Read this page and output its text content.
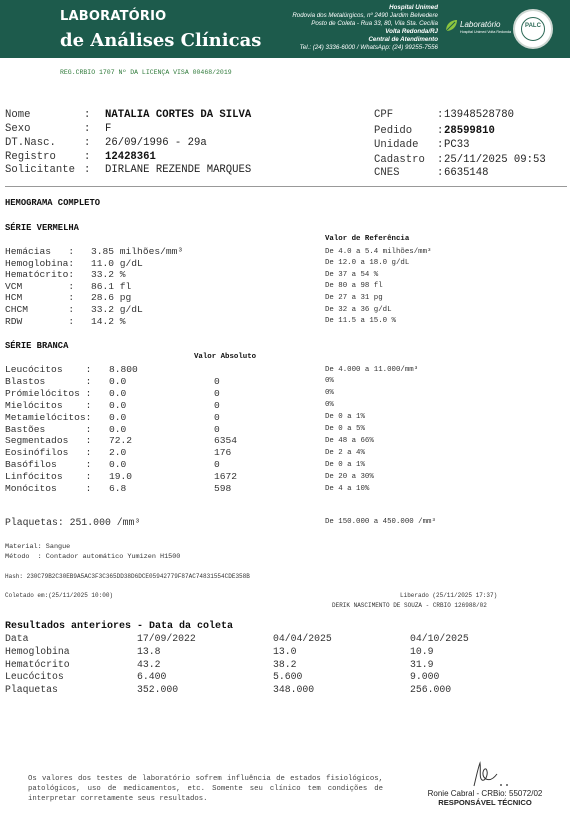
LABORATÓRIO
de Análises Clínicas
Hospital Unimed
Rodovia dos Metalúrgicos, nº 2490 Jardim Belvedere
Posto de Coleta - Rua 33, 80, Vila Sta. Cecília
Volta Redonda/RJ
Central de Atendimento
Tel.: (24) 3336-6000 / WhatsApp: (24) 99255-7556
Laboratório
Hospital Unimed Volta Redonda
PALC
REG.CRBIO 1707 Nº DA LICENÇA VISA 00468/2019
Nome	: NATALIA CORTES DA SILVA
Sexo	: F
DT.Nasc.	: 26/09/1996 - 29a
Registro	: 12428361
Solicitante : DIRLANE REZENDE MARQUES
CPF	: 13948528780
Pedido : 28599810
Unidade : PC33
Cadastro : 25/11/2025 09:53
CNES	: 6635148
HEMOGRAMA COMPLETO
SÉRIE VERMELHA
Valor de Referência
Hemácias   : 3.85 milhões/mm³	De 4.0 a 5.4 milhões/mm³
Hemoglobina: 11.0 g/dL	De 12.0 a 18.0 g/dL
Hematócrito: 33.2 %	De 37 a 54 %
VCM        : 86.1 fl	De 80 a 98 fl
HCM        : 28.6 pg	De 27 a 31 pg
CHCM       : 33.2 g/dL	De 32 a 36 g/dL
RDW        : 14.2 %	De 11.5 a 15.0 %
SÉRIE BRANCA
Valor Absoluto
Leucócitos    : 8.800	De 4.000 a 11.000/mm³
Blastos       : 0.0	0	0%
Prómielócitos : 0.0	0	0%
Mielócitos    : 0.0	0	0%
Metamielócitos: 0.0	0	De 0 a 1%
Bastões       : 0.0	0	De 0 a 5%
Segmentados   : 72.2	6354	De 48 a 66%
Eosinófilos   : 2.0	176	De 2 a 4%
Basófilos     : 0.0	0	De 0 a 1%
Linfócitos    : 19.0	1672	De 20 a 30%
Monócitos     : 6.8	598	De 4 a 10%
Plaquetas: 251.000 /mm³	De 150.000 a 450.000 /mm³
Material: Sangue
Método  : Contador automático Yumizen H1500
Hash: 230C79B2C30EB9A5AC3F3C365DD38D6DCE05942779F87AC74831554CDE358B
Coletado em:(25/11/2025 10:00)	Liberado (25/11/2025 17:37)
DERIK NASCIMENTO DE SOUZA - CRBIO 126988/02
Resultados anteriores - Data da coleta
Data	17/09/2022	04/04/2025	04/10/2025
Hemoglobina	13.8	13.0	10.9
Hematócrito	43.2	38.2	31.9
Leucócitos	6.400	5.600	9.000
Plaquetas	352.000	348.000	256.000
Os valores dos testes de laboratório sofrem influência de estados fisiológicos, patológicos, uso de medicamentos, etc. Somente seu clínico tem condições de interpretar corretamente seus resultados.
Ronie Cabral - CRBio: 55072/02
RESPONSÁVEL TÉCNICO
